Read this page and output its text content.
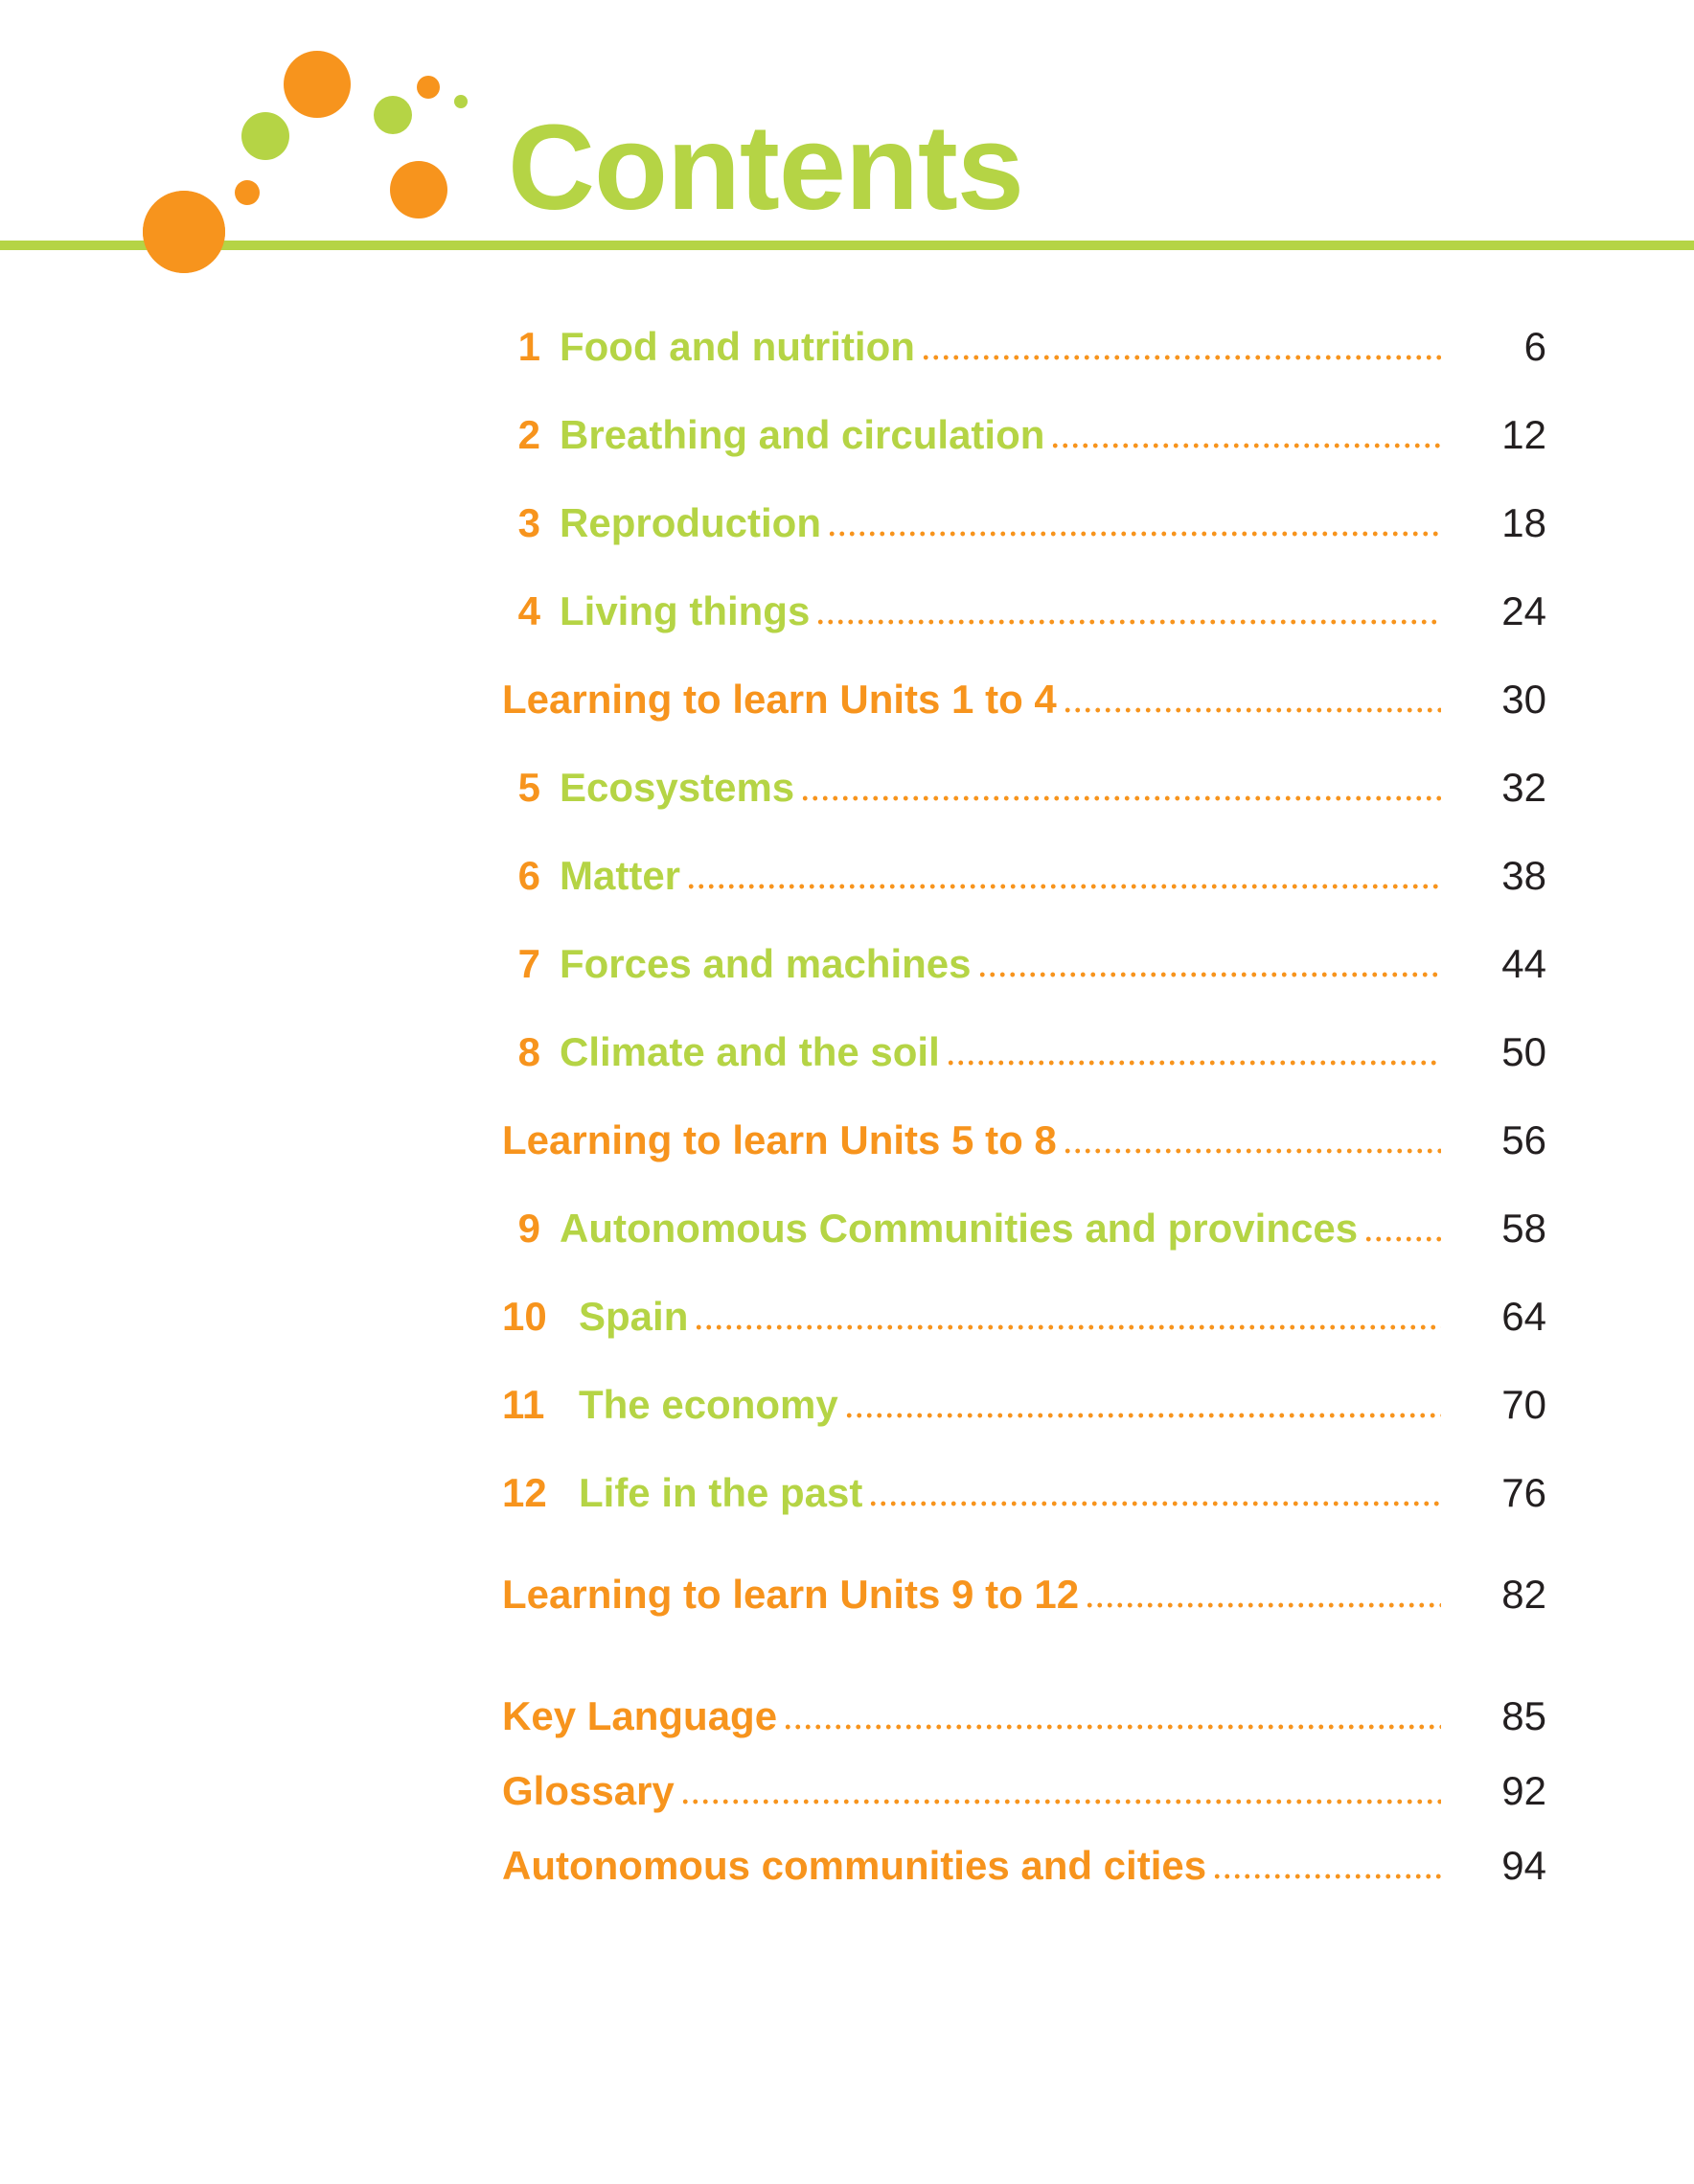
Contents
1 Food and nutrition	6
2 Breathing and circulation	12
3 Reproduction	18
4 Living things	24
Learning to learn Units 1 to 4	30
5 Ecosystems	32
6 Matter	38
7 Forces and machines	44
8 Climate and the soil	50
Learning to learn Units 5 to 8	56
9 Autonomous Communities and provinces	58
10 Spain	64
11 The economy	70
12 Life in the past	76
Learning to learn Units 9 to 12	82
Key Language	85
Glossary	92
Autonomous communities and cities	94
